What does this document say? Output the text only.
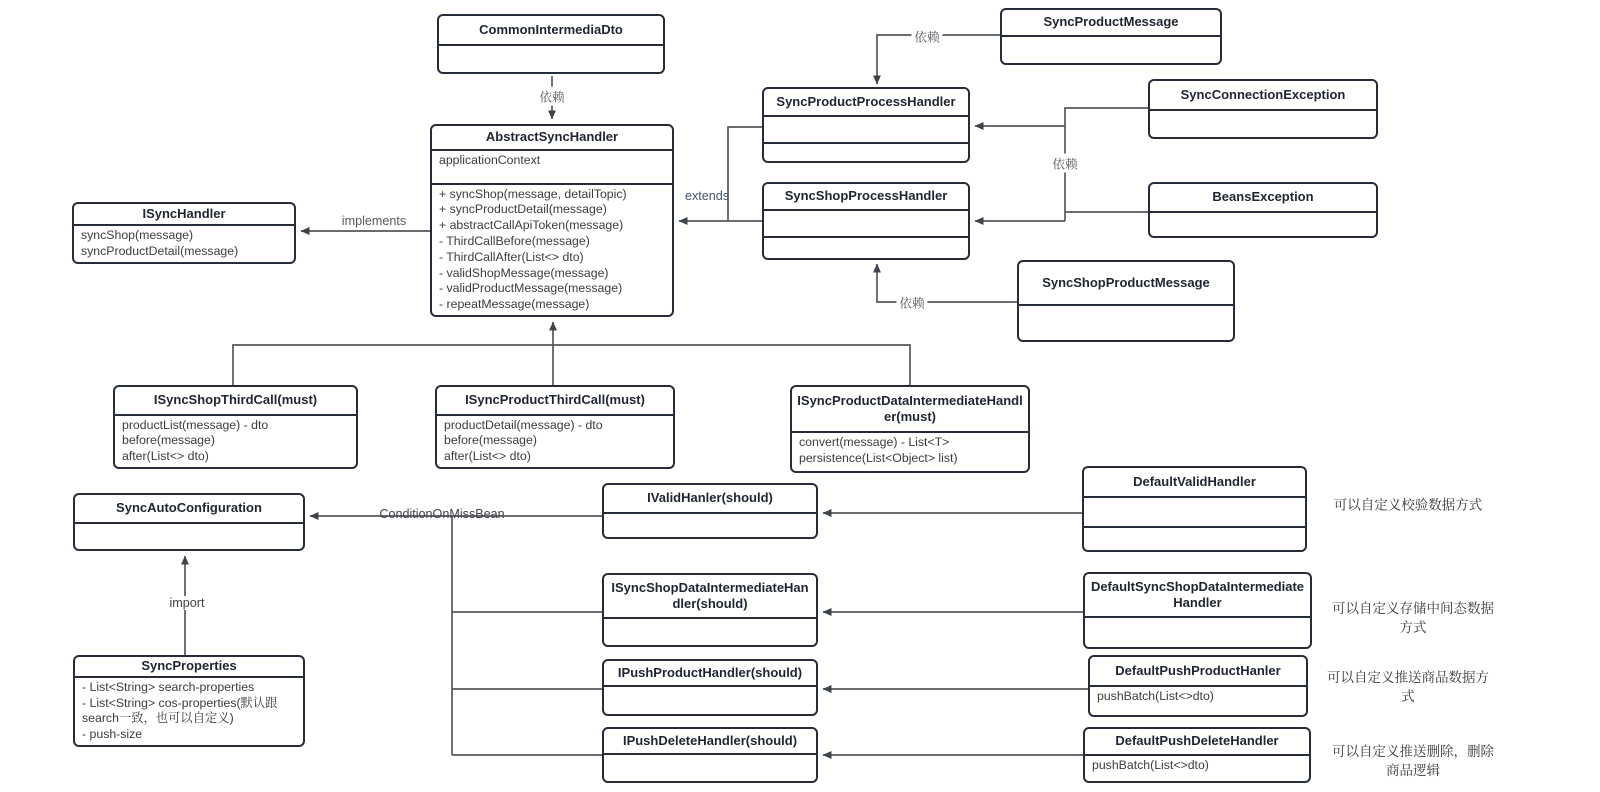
CommonIntermediaDto
AbstractSyncHandler
applicationContext
+ syncShop(message, detailTopic)
+ syncProductDetail(message)
+ abstractCallApiToken(message)
- ThirdCallBefore(message)
- ThirdCallAfter(List<> dto)
- validShopMessage(message)
- validProductMessage(message)
- repeatMessage(message)
ISyncHandler
syncShop(message)
syncProductDetail(message)
SyncProductProcessHandler
SyncShopProcessHandler
SyncProductMessage
SyncConnectionException
BeansException
SyncShopProductMessage
ISyncShopThirdCall(must)
productList(message) - dto
before(message)
after(List<> dto)
ISyncProductThirdCall(must)
productDetail(message) - dto
before(message)
after(List<> dto)
ISyncProductDataIntermediateHandler(must)
convert(message) - List<T>
persistence(List<Object> list)
SyncAutoConfiguration
SyncProperties
- List<String> search-properties
- List<String> cos-properties(默认跟search一致，也可以自定义)
- push-size
IValidHanler(should)
ISyncShopDataIntermediateHandler(should)
IPushProductHandler(should)
IPushDeleteHandler(should)
DefaultValidHandler
DefaultSyncShopDataIntermediateHandler
DefaultPushProductHanler
pushBatch(List<>dto)
DefaultPushDeleteHandler
pushBatch(List<>dto)
依赖
implements
extends
依赖
依赖
依赖
ConditionOnMissBean
import
可以自定义校验数据方式
可以自定义存储中间态数据方式
可以自定义推送商品数据方式
可以自定义推送删除，删除商品逻辑
